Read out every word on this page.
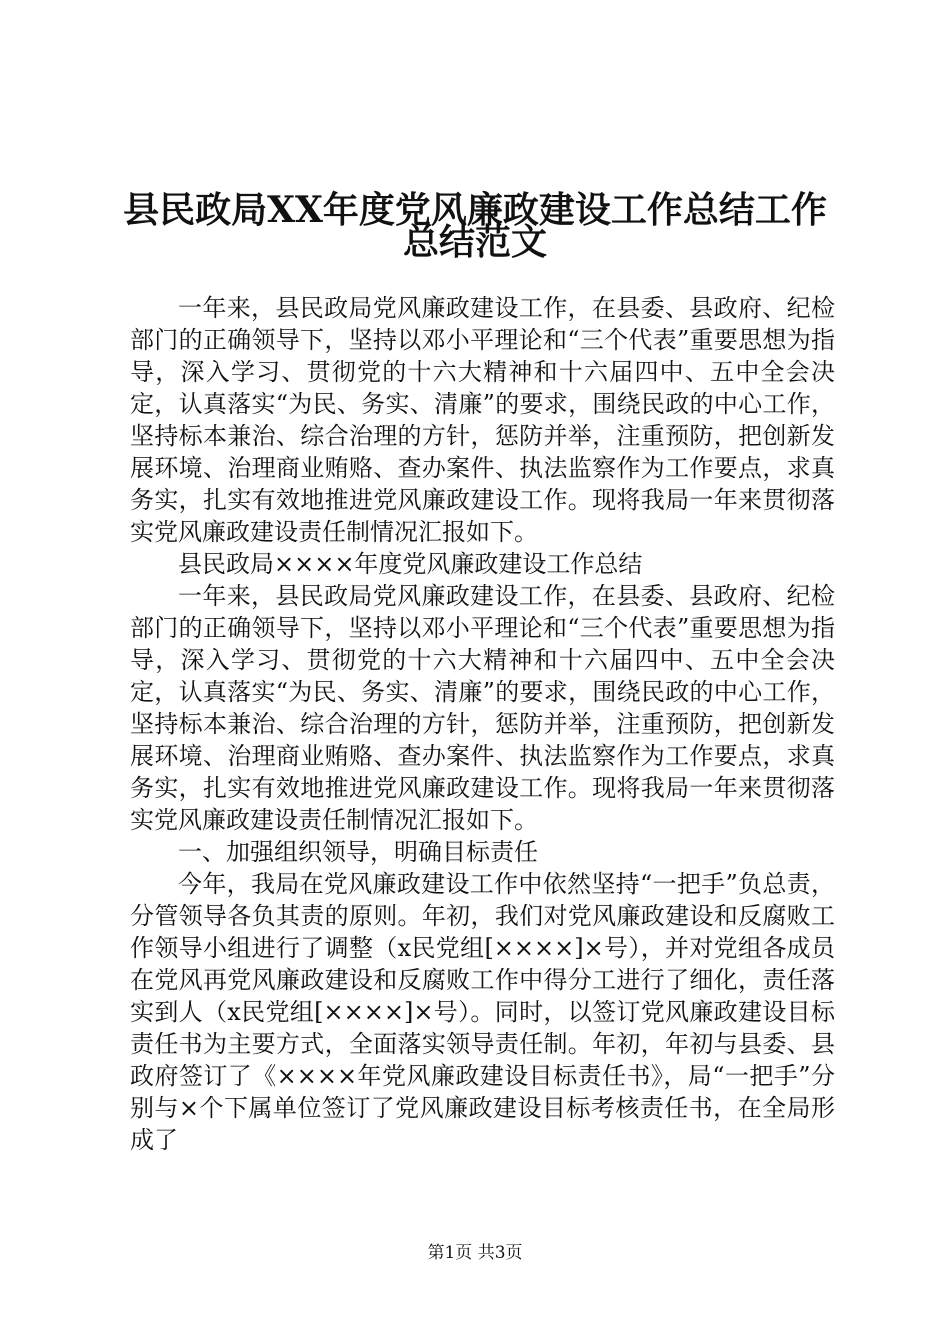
县民政局XX年度党风廉政建设工作总结工作
总结范文

一年来，县民政局党风廉政建设工作，在县委、县政府、纪检部门的正确领导下，坚持以邓小平理论和“三个代表”重要思想为指导，深入学习、贯彻党的十六大精神和十六届四中、五中全会决定，认真落实“为民、务实、清廉”的要求，围绕民政的中心工作，坚持标本兼治、综合治理的方针，惩防并举，注重预防，把创新发展环境、治理商业贿赂、查办案件、执法监察作为工作要点，求真务实，扎实有效地推进党风廉政建设工作。现将我局一年来贯彻落实党风廉政建设责任制情况汇报如下。

县民政局××××年度党风廉政建设工作总结

一年来，县民政局党风廉政建设工作，在县委、县政府、纪检部门的正确领导下，坚持以邓小平理论和“三个代表”重要思想为指导，深入学习、贯彻党的十六大精神和十六届四中、五中全会决定，认真落实“为民、务实、清廉”的要求，围绕民政的中心工作，坚持标本兼治、综合治理的方针，惩防并举，注重预防，把创新发展环境、治理商业贿赂、查办案件、执法监察作为工作要点，求真务实，扎实有效地推进党风廉政建设工作。现将我局一年来贯彻落实党风廉政建设责任制情况汇报如下。

一、加强组织领导，明确目标责任

今年，我局在党风廉政建设工作中依然坚持“一把手”负总责，分管领导各负其责的原则。年初，我们对党风廉政建设和反腐败工作领导小组进行了调整（x民党组[××××]×号），并对党组各成员在党风再党风廉政建设和反腐败工作中得分工进行了细化，责任落实到人（x民党组[××××]×号）。同时，以签订党风廉政建设目标责任书为主要方式，全面落实领导责任制。年初，年初与县委、县政府签订了《××××年党风廉政建设目标责任书》，局“一把手”分别与×个下属单位签订了党风廉政建设目标考核责任书，在全局形成了

第1页 共3页
